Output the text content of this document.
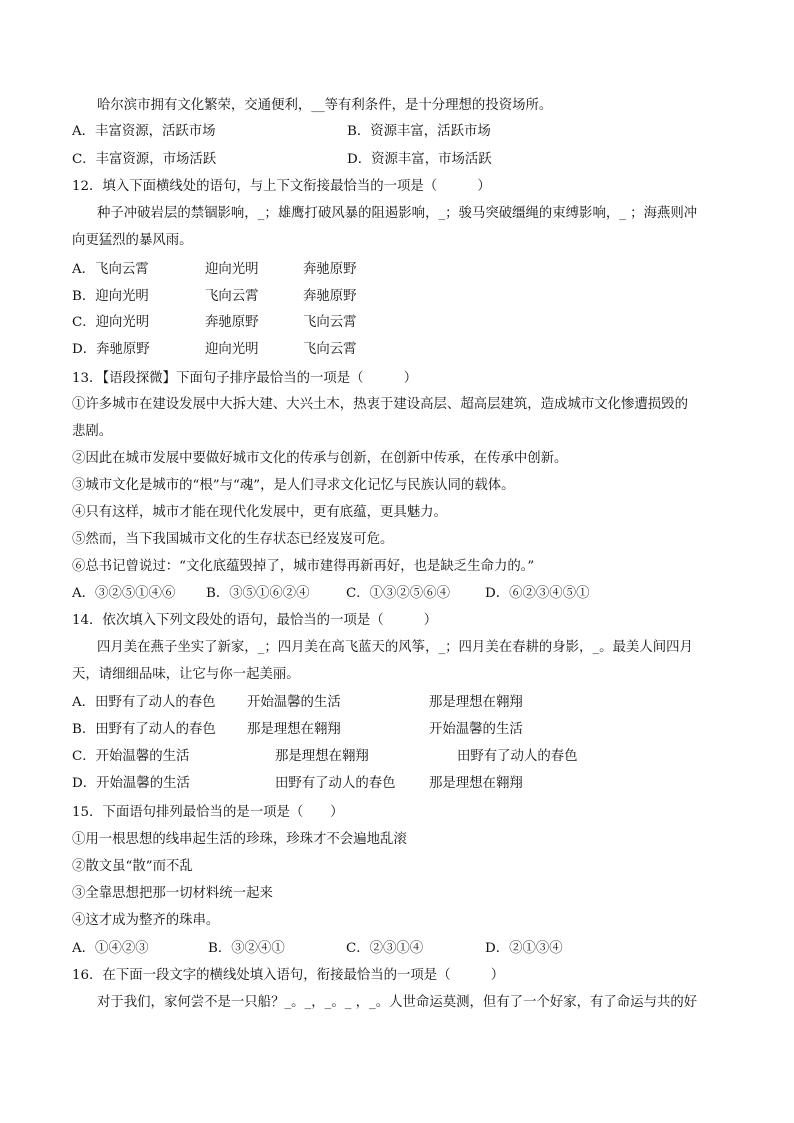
哈尔滨市拥有文化繁荣，交通便利，__等有利条件，是十分理想的投资场所。
A．丰富资源，活跃市场	B．资源丰富，活跃市场
C．丰富资源，市场活跃	D．资源丰富，市场活跃
12．填入下面横线处的语句，与上下文衔接最恰当的一项是（　　　）
种子冲破岩层的禁锢影响，_；雄鹰打破风暴的阻遏影响，_；骏马突破缰绳的束缚影响，_ ；海燕则冲
向更猛烈的暴风雨。
A．飞向云霄	迎向光明	奔驰原野
B．迎向光明	飞向云霄	奔驰原野
C．迎向光明	奔驰原野	飞向云霄
D．奔驰原野	迎向光明	飞向云霄
13．【语段探微】下面句子排序最恰当的一项是（　　　）
①许多城市在建设发展中大拆大建、大兴土木，热衷于建设高层、超高层建筑，造成城市文化惨遭损毁的
悲剧。
②因此在城市发展中要做好城市文化的传承与创新，在创新中传承，在传承中创新。
③城市文化是城市的“根”与“魂”，是人们寻求文化记忆与民族认同的载体。
④只有这样，城市才能在现代化发展中，更有底蕴，更具魅力。
⑤然而，当下我国城市文化的生存状态已经岌岌可危。
⑥总书记曾说过：“文化底蕴毁掉了，城市建得再新再好，也是缺乏生命力的。”
A．③②⑤①④⑥ B．③⑤①⑥②④	C．①③②⑤⑥④	D．⑥②③④⑤①
14．依次填入下列文段处的语句，最恰当的一项是（　　　）
四月美在燕子坐实了新家，_；四月美在高飞蓝天的风筝，_；四月美在春耕的身影，_。最美人间四月
天，请细细品味，让它与你一起美丽。
A．田野有了动人的春色 开始温馨的生活	那是理想在翱翔
B．田野有了动人的春色 那是理想在翱翔	开始温馨的生活
C．开始温馨的生活	那是理想在翱翔	田野有了动人的春色
D．开始温馨的生活	田野有了动人的春色 那是理想在翱翔
15．下面语句排列最恰当的是一项是（　　）
①用一根思想的线串起生活的珍珠，珍珠才不会遍地乱滚
②散文虽“散”而不乱
③全靠思想把那一切材料统一起来
④这才成为整齐的珠串。
A．①④②③	B．③②④①	C．②③①④	D．②①③④
16．在下面一段文字的横线处填入语句，衔接最恰当的一项是（　　　）
对于我们，家何尝不是一只船？_。_，_。_ ，_。人世命运莫测，但有了一个好家，有了命运与共的好
